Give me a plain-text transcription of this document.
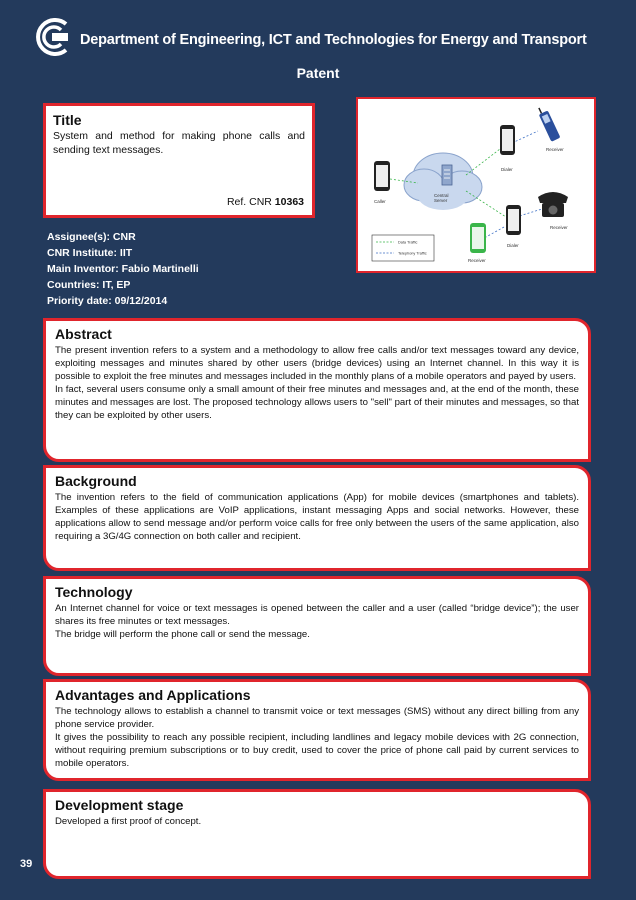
Department of Engineering, ICT and Technologies for Energy and Transport
Patent
Title
System and method for making phone calls and sending text messages.
Ref. CNR 10363
Assignee(s): CNR
CNR Institute: IIT
Main Inventor: Fabio Martinelli
Countries: IT, EP
Priority date: 09/12/2014
Central
Server
Caller
Dialer
Receiver
Receiver
Dialer
Receiver
Data Traffic
Telephony Traffic
Abstract

The present invention refers to a system and a methodology to allow free calls and/or text messages toward any device, exploiting messages and minutes shared by other users (bridge devices) using an Internet channel. In this way it is possible to exploit the free minutes and messages included in the monthly plans of a mobile operators and payed by users.

In fact, several users consume only a small amount of their free minutes and messages and, at the end of the month, these minutes and messages are lost. The proposed technology allows users to "sell" part of their minutes and messages, so that they can be exploited by other users.

Background

The invention refers to the field of communication applications (App) for mobile devices (smartphones and tablets). Examples of these applications are VoIP applications, instant messaging Apps and social networks. However, these applications allow to send message and/or perform voice calls for free only between the users of the same application, also requiring a 3G/4G connection on both caller and recipient.

Technology

An Internet channel for voice or text messages is opened between the caller and a user (called “bridge device”); the user shares its free minutes or text messages.

The bridge will perform the phone call or send the message.

Advantages and Applications

The technology allows to establish a channel to transmit voice or text messages (SMS) without any direct billing from any phone service provider.

It gives the possibility to reach any possible recipient, including landlines and legacy mobile devices with 2G connection, without requiring premium subscriptions or to buy credit, used to cover the price of phone call paid by current services to mobile operators.

Development stage

Developed a first proof of concept.

39
